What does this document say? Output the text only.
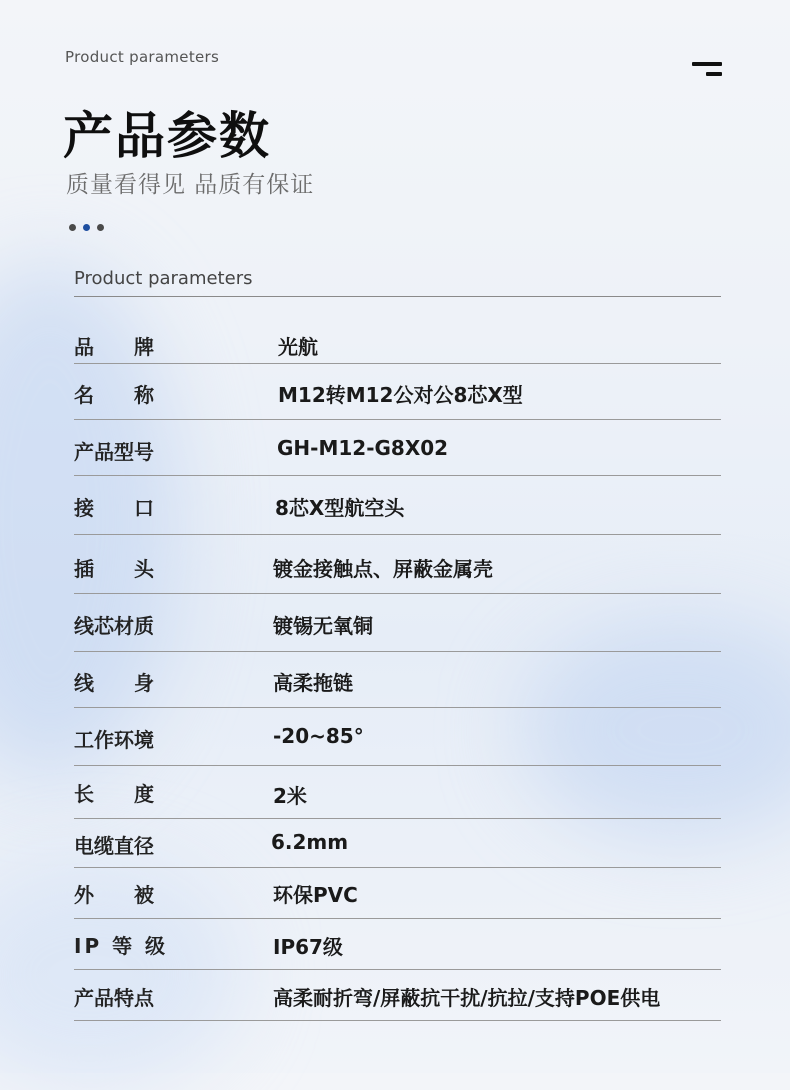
Product parameters
产品参数
质量看得见 品质有保证
Product parameters
品　　牌	光航
名　　称	M12转M12公对公8芯X型
产品型号	GH-M12-G8X02
接　　口	8芯X型航空头
插　　头	镀金接触点、屏蔽金属壳
线芯材质	镀锡无氧铜
线　　身	高柔拖链
工作环境	-20~85°
长　　度	2米
电缆直径	6.2mm
外　　被	环保PVC
IP 等 级	IP67级
产品特点	高柔耐折弯/屏蔽抗干扰/抗拉/支持POE供电
